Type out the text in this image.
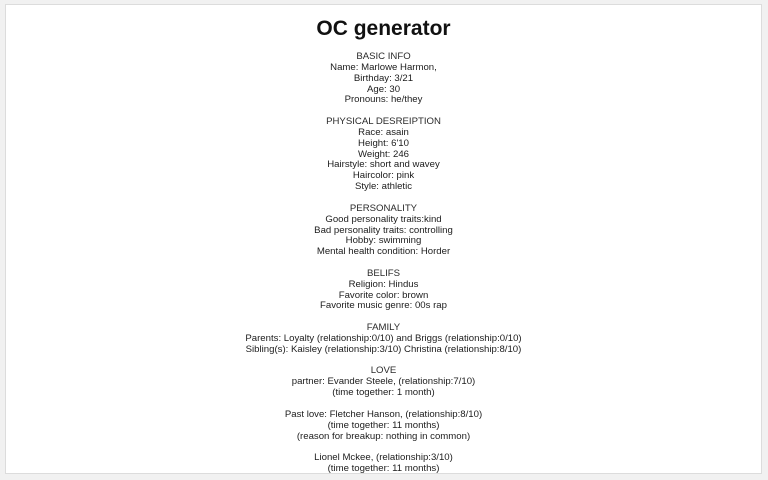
OC generator
BASIC INFO
Name: Marlowe Harmon,
Birthday: 3/21
Age: 30
Pronouns: he/they
PHYSICAL DESREIPTION
Race: asain
Height: 6'10
Weight: 246
Hairstyle: short and wavey
Haircolor: pink
Style: athletic
PERSONALITY
Good personality traits:kind
Bad personality traits: controlling
Hobby: swimming
Mental health condition: Horder
BELIFS
Religion: Hindus
Favorite color: brown
Favorite music genre: 00s rap
FAMILY
Parents: Loyalty (relationship:0/10) and Briggs (relationship:0/10)
Sibling(s): Kaisley (relationship:3/10) Christina (relationship:8/10)
LOVE
partner: Evander Steele, (relationship:7/10)
(time together: 1 month)
Past love: Fletcher Hanson, (relationship:8/10)
(time together: 11 months)
(reason for breakup: nothing in common)
Lionel Mckee, (relationship:3/10)
(time together: 11 months)
